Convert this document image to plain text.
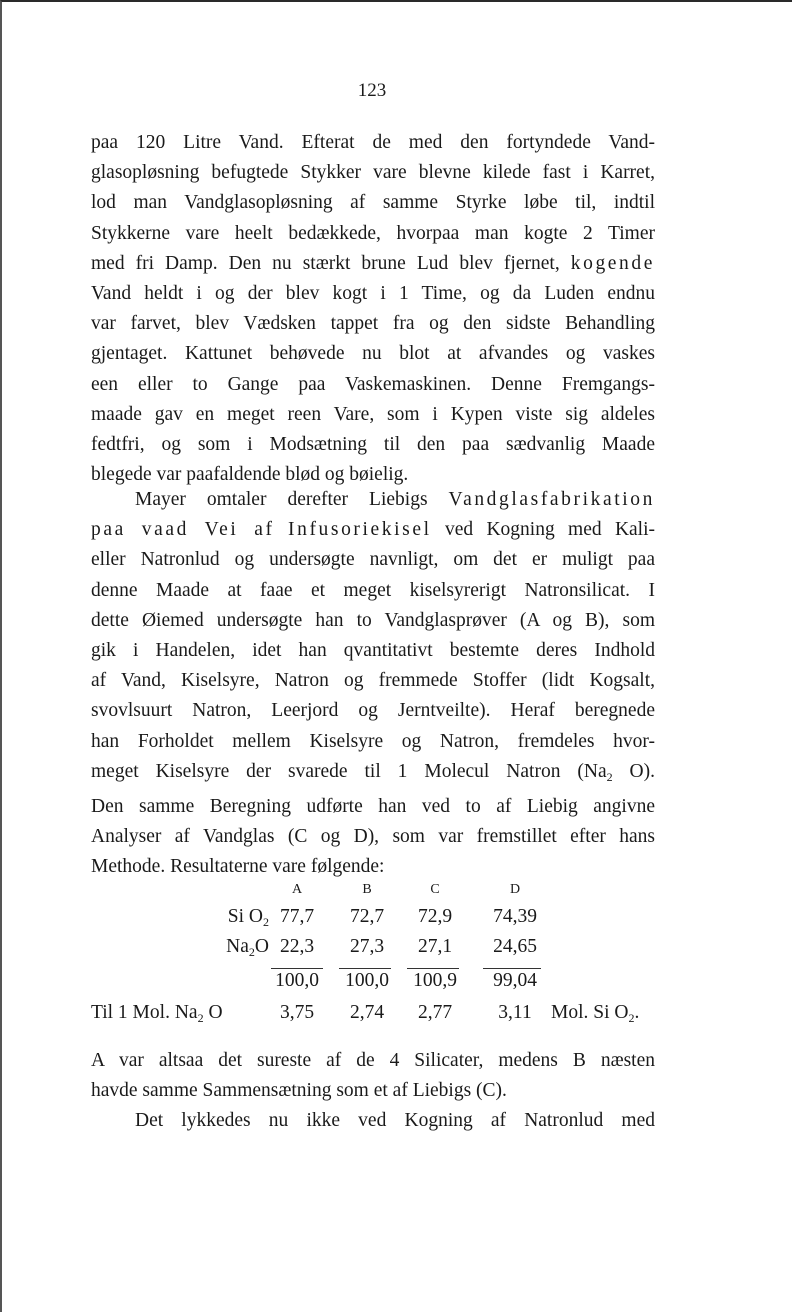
123
paa 120 Litre Vand. Efterat de med den fortyndede Vand-
glasopløsning befugtede Stykker vare blevne kilede fast i Karret,
lod man Vandglasopløsning af samme Styrke løbe til, indtil
Stykkerne vare heelt bedækkede, hvorpaa man kogte 2 Timer
med fri Damp. Den nu stærkt brune Lud blev fjernet, kogende
Vand heldt i og der blev kogt i 1 Time, og da Luden endnu
var farvet, blev Vædsken tappet fra og den sidste Behandling
gjentaget. Kattunet behøvede nu blot at afvandes og vaskes
een eller to Gange paa Vaskemaskinen. Denne Fremgangs-
maade gav en meget reen Vare, som i Kypen viste sig aldeles
fedtfri, og som i Modsætning til den paa sædvanlig Maade
blegede var paafaldende blød og bøielig.
Mayer omtaler derefter Liebigs Vandglasfabrikation
paa vaad Vei af Infusoriekisel ved Kogning med Kali-
eller Natronlud og undersøgte navnligt, om det er muligt paa
denne Maade at faae et meget kiselsyrerigt Natronsilicat. I
dette Øiemed undersøgte han to Vandglasprøver (A og B), som
gik i Handelen, idet han qvantitativt bestemte deres Indhold
af Vand, Kiselsyre, Natron og fremmede Stoffer (lidt Kogsalt,
svovlsuurt Natron, Leerjord og Jerntveilte). Heraf beregnede
han Forholdet mellem Kiselsyre og Natron, fremdeles hvor-
meget Kiselsyre der svarede til 1 Molecul Natron ($Na_2$ O).
Den samme Beregning udførte han ved to af Liebig angivne
Analyser af Vandglas (C og D), som var fremstillet efter hans
Methode. Resultaterne vare følgende:
A	B	C	D
Si $O_2$ 77,7	72,7	72,9	74,39
$Na_2O$ 22,3	27,3	27,1	24,65
100,0	100,0	100,9	99,04
Til 1 Mol. $Na_2$ O	3,75	2,74	2,77	3,11 Mol. Si $O_2$.
A var altsaa det sureste af de 4 Silicater, medens B næsten
havde samme Sammensætning som et af Liebigs (C).
Det lykkedes nu ikke ved Kogning af Natronlud med
